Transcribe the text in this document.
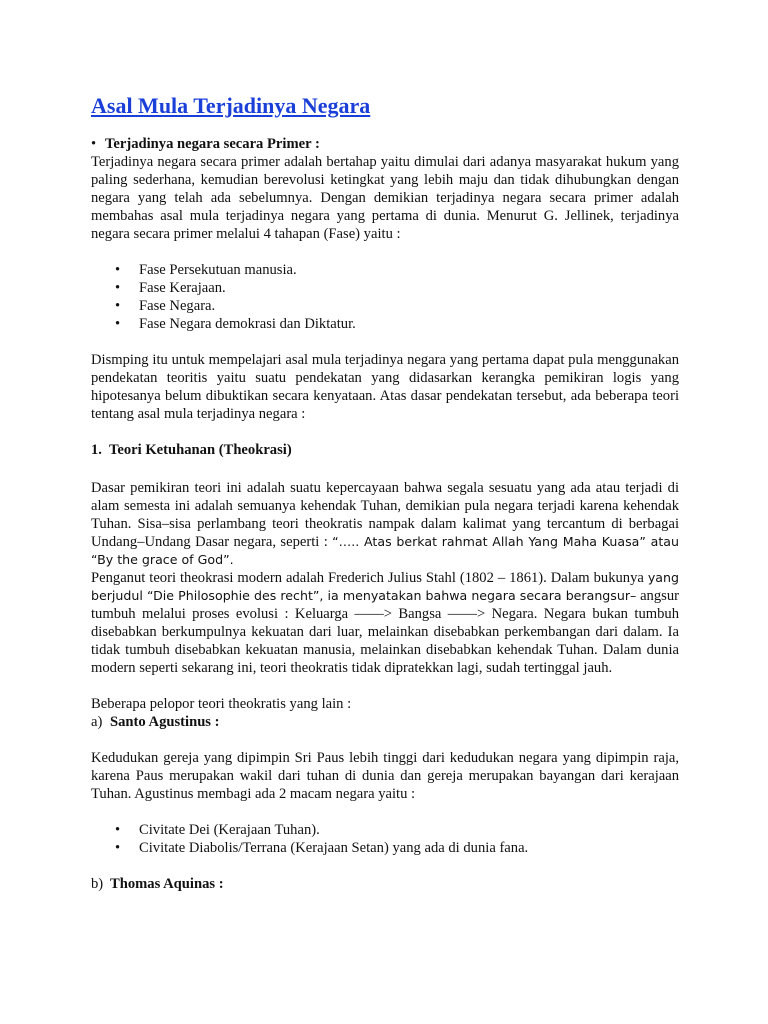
Asal Mula Terjadinya Negara
• Terjadinya negara secara Primer :

Terjadinya negara secara primer adalah bertahap yaitu dimulai dari adanya masyarakat hukum yang paling sederhana, kemudian berevolusi ketingkat yang lebih maju dan tidak dihubungkan dengan negara yang telah ada sebelumnya. Dengan demikian terjadinya negara secara primer adalah membahas asal mula terjadinya negara yang pertama di dunia. Menurut G. Jellinek, terjadinya negara secara primer melalui 4 tahapan (Fase) yaitu :

• Fase Persekutuan manusia.
• Fase Kerajaan.
• Fase Negara.
• Fase Negara demokrasi dan Diktatur.

Dismping itu untuk mempelajari asal mula terjadinya negara yang pertama dapat pula menggunakan pendekatan teoritis yaitu suatu pendekatan yang didasarkan kerangka pemikiran logis yang hipotesanya belum dibuktikan secara kenyataan. Atas dasar pendekatan tersebut, ada beberapa teori tentang asal mula terjadinya negara :

1.  Teori Ketuhanan (Theokrasi)

Dasar pemikiran teori ini adalah suatu kepercayaan bahwa segala sesuatu yang ada atau terjadi di alam semesta ini adalah semuanya kehendak Tuhan, demikian pula negara terjadi karena kehendak Tuhan. Sisa–sisa perlambang teori theokratis nampak dalam kalimat yang tercantum di berbagai Undang–Undang Dasar negara, seperti : “….. Atas berkat rahmat Allah Yang Maha Kuasa” atau “By the grace of God”.

Penganut teori theokrasi modern adalah Frederich Julius Stahl (1802 – 1861). Dalam bukunya yang berjudul “Die Philosophie des recht”, ia menyatakan bahwa negara secara berangsur– angsur tumbuh melalui proses evolusi : Keluarga ——> Bangsa ——> Negara. Negara bukan tumbuh disebabkan berkumpulnya kekuatan dari luar, melainkan disebabkan perkembangan dari dalam. Ia tidak tumbuh disebabkan kekuatan manusia, melainkan disebabkan kehendak Tuhan. Dalam dunia modern seperti sekarang ini, teori theokratis tidak dipratekkan lagi, sudah tertinggal jauh.

Beberapa pelopor teori theokratis yang lain :

a) Santo Agustinus :

Kedudukan gereja yang dipimpin Sri Paus lebih tinggi dari kedudukan negara yang dipimpin raja, karena Paus merupakan wakil dari tuhan di dunia dan gereja merupakan bayangan dari kerajaan Tuhan. Agustinus membagi ada 2 macam negara yaitu :

• Civitate Dei (Kerajaan Tuhan).
• Civitate Diabolis/Terrana (Kerajaan Setan) yang ada di dunia fana.

b) Thomas Aquinas :
